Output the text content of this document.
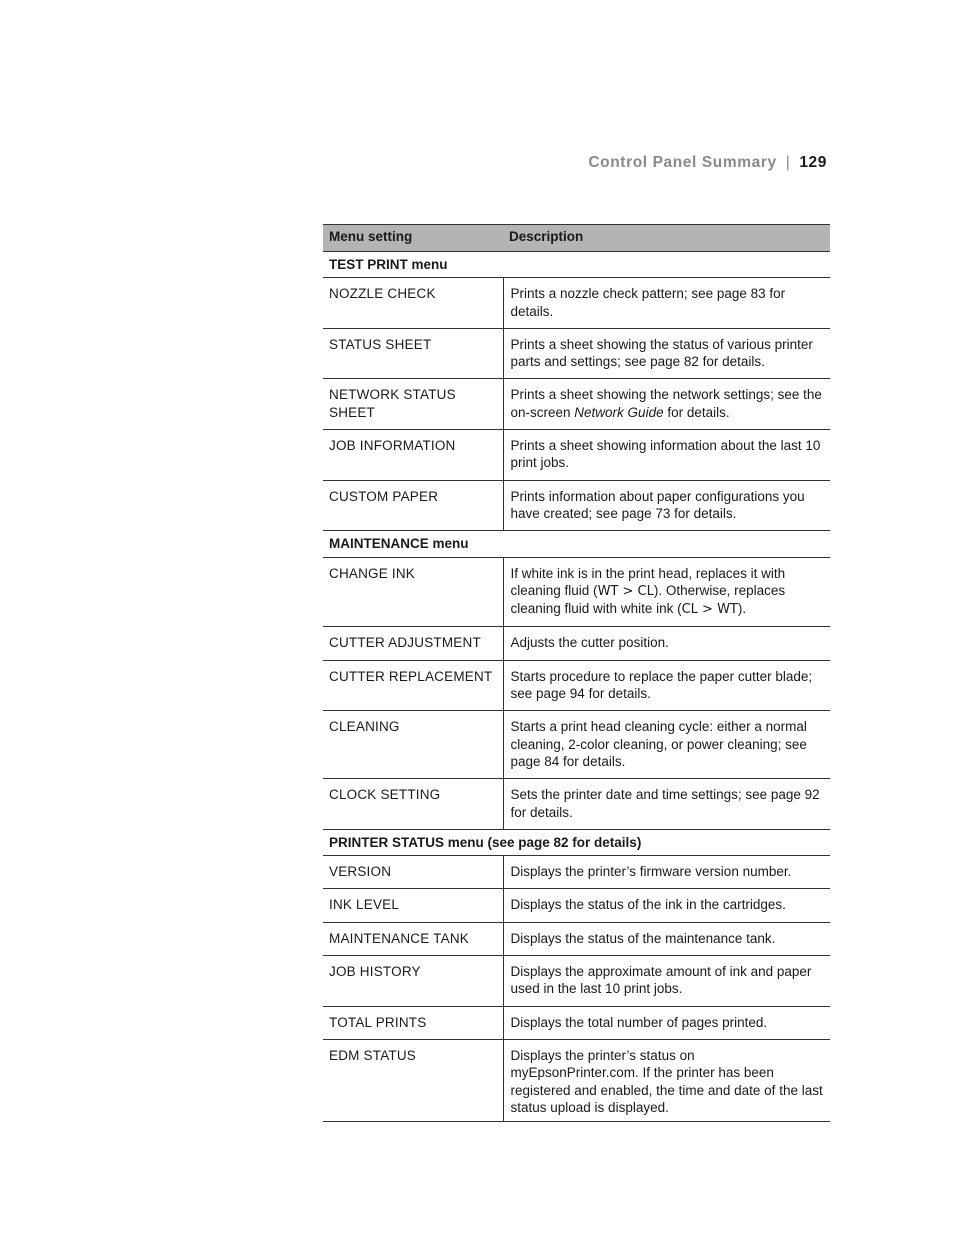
Control Panel Summary | 129
Menu setting	Description
TEST PRINT menu	
NOZZLE CHECK	Prints a nozzle check pattern; see page 83 for details.
STATUS SHEET	Prints a sheet showing the status of various printer parts and settings; see page 82 for details.
NETWORK STATUS SHEET	Prints a sheet showing the network settings; see the on-screen Network Guide for details.
JOB INFORMATION	Prints a sheet showing information about the last 10 print jobs.
CUSTOM PAPER	Prints information about paper configurations you have created; see page 73 for details.
MAINTENANCE menu	
CHANGE INK	If white ink is in the print head, replaces it with cleaning fluid (WT > CL). Otherwise, replaces cleaning fluid with white ink (CL > WT).
CUTTER ADJUSTMENT	Adjusts the cutter position.
CUTTER REPLACEMENT	Starts procedure to replace the paper cutter blade; see page 94 for details.
CLEANING	Starts a print head cleaning cycle: either a normal cleaning, 2-color cleaning, or power cleaning; see page 84 for details.
CLOCK SETTING	Sets the printer date and time settings; see page 92 for details.
PRINTER STATUS menu (see page 82 for details)	
VERSION	Displays the printer’s firmware version number.
INK LEVEL	Displays the status of the ink in the cartridges.
MAINTENANCE TANK	Displays the status of the maintenance tank.
JOB HISTORY	Displays the approximate amount of ink and paper used in the last 10 print jobs.
TOTAL PRINTS	Displays the total number of pages printed.
EDM STATUS	Displays the printer’s status on myEpsonPrinter.com. If the printer has been registered and enabled, the time and date of the last status upload is displayed.
